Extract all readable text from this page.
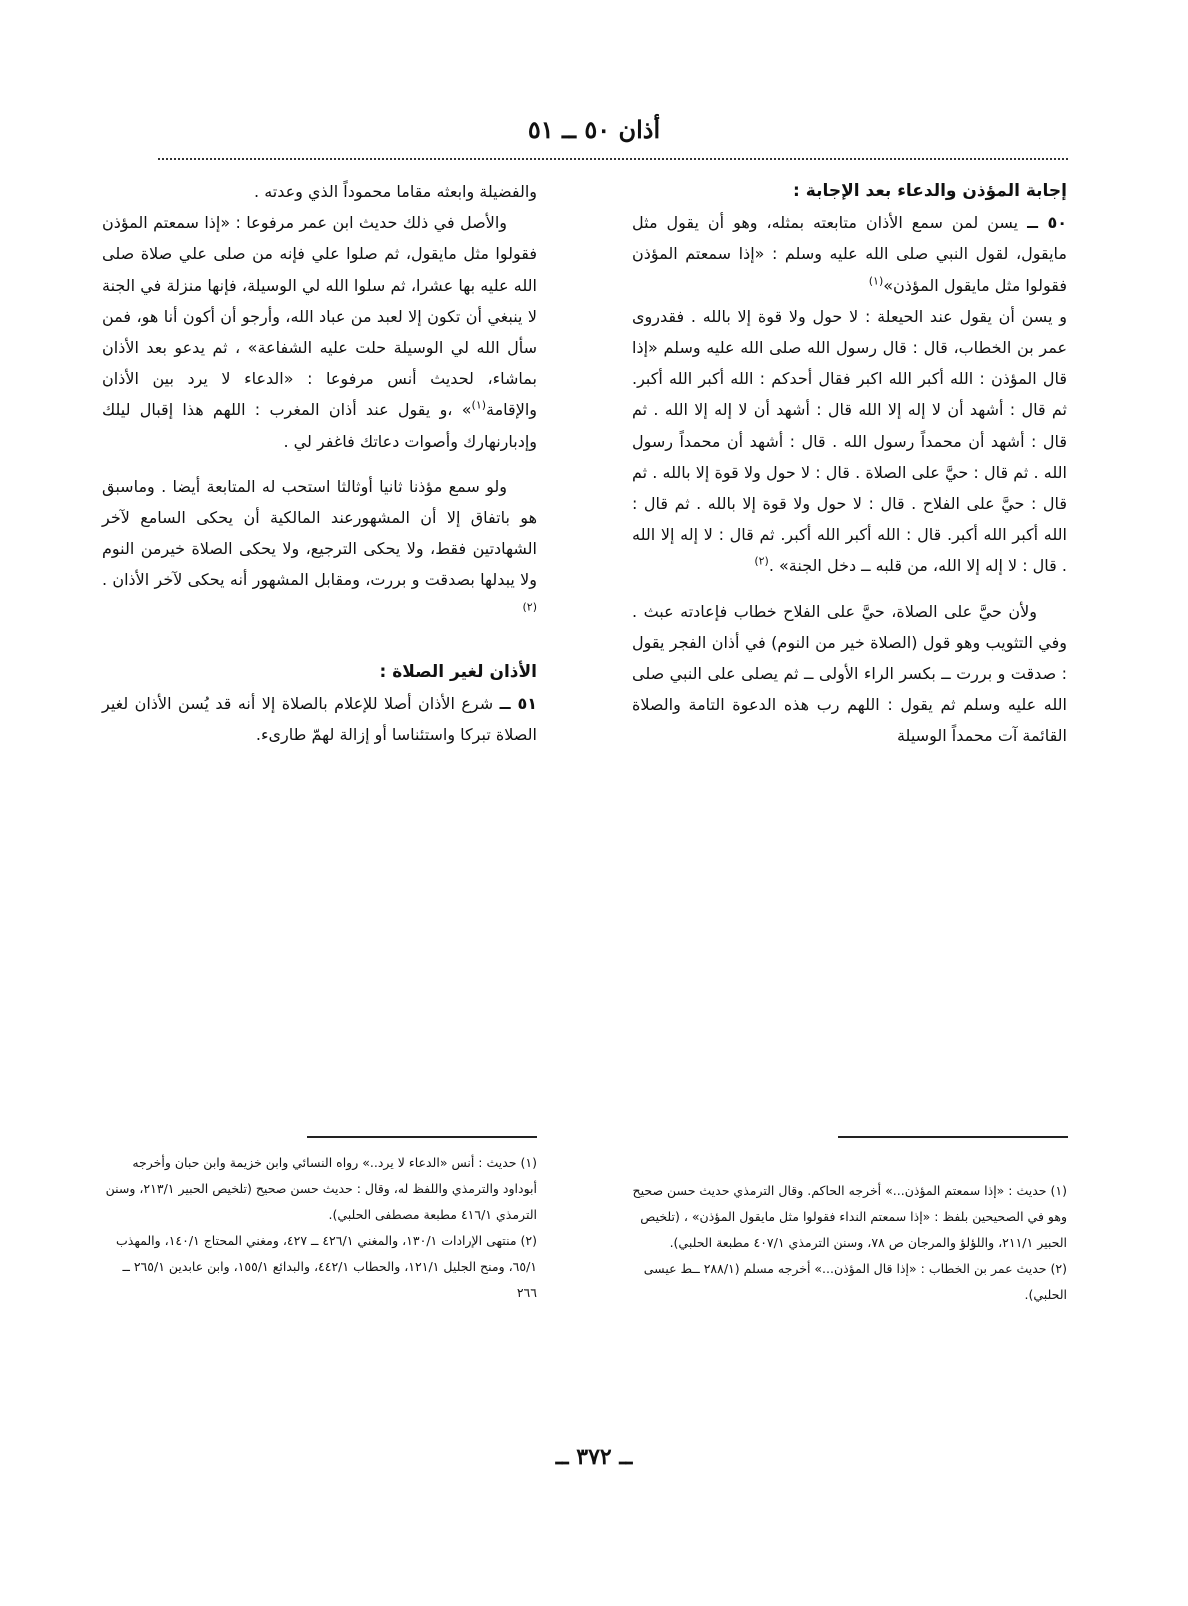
أذان ٥٠ ــ ٥١

إجابة المؤذن والدعاء بعد الإجابة :

٥٠ ــ يسن لمن سمع الأذان متابعته بمثله، وهو أن يقول مثل مايقول، لقول النبي صلى الله عليه وسلم : «إذا سمعتم المؤذن فقولوا مثل مايقول المؤذن»$^{(١)}$

و يسن أن يقول عند الحيعلة : لا حول ولا قوة إلا بالله . فقدروى عمر بن الخطاب، قال : قال رسول الله صلى الله عليه وسلم «إذا قال المؤذن : الله أكبر الله اكبر فقال أحدكم : الله أكبر الله أكبر. ثم قال : أشهد أن لا إله إلا الله قال : أشهد أن لا إله إلا الله . ثم قال : أشهد أن محمداً رسول الله . قال : أشهد أن محمداً رسول الله . ثم قال : حيَّ على الصلاة . قال : لا حول ولا قوة إلا بالله . ثم قال : حيَّ على الفلاح . قال : لا حول ولا قوة إلا بالله . ثم قال : الله أكبر الله أكبر. قال : الله أكبر الله أكبر. ثم قال : لا إله إلا الله . قال : لا إله إلا الله، من قلبه ــ دخل الجنة» .$^{(٢)}$

ولأن حيَّ على الصلاة، حيَّ على الفلاح خطاب فإعادته عبث . وفي التثويب وهو قول (الصلاة خير من النوم) في أذان الفجر يقول : صدقت و بررت ــ بكسر الراء الأولى ــ ثم يصلى على النبي صلى الله عليه وسلم ثم يقول : اللهم رب هذه الدعوة التامة والصلاة القائمة آت محمداً الوسيلة

والفضيلة وابعثه مقاما محموداً الذي وعدته .

والأصل في ذلك حديث ابن عمر مرفوعا : «إذا سمعتم المؤذن فقولوا مثل مايقول، ثم صلوا علي فإنه من صلى علي صلاة صلى الله عليه بها عشرا، ثم سلوا الله لي الوسيلة، فإنها منزلة في الجنة لا ينبغي أن تكون إلا لعبد من عباد الله، وأرجو أن أكون أنا هو، فمن سأل الله لي الوسيلة حلت عليه الشفاعة» ، ثم يدعو بعد الأذان بماشاء، لحديث أنس مرفوعا : «الدعاء لا يرد بين الأذان والإقامة$^{(١)}$» ،و يقول عند أذان المغرب : اللهم هذا إقبال ليلك وإدبارنهارك وأصوات دعاتك فاغفر لي .

ولو سمع مؤذنا ثانيا أوثالثا استحب له المتابعة أيضا . وماسبق هو باتفاق إلا أن المشهورعند المالكية أن يحكى السامع لآخر الشهادتين فقط، ولا يحكى الترجيع، ولا يحكى الصلاة خيرمن النوم ولا يبدلها بصدقت و بررت، ومقابل المشهور أنه يحكى لآخر الأذان .$^{(٢)}$

الأذان لغير الصلاة :

٥١ ــ شرع الأذان أصلا للإعلام بالصلاة إلا أنه قد يُسن الأذان لغير الصلاة تبركا واستئناسا أو إزالة لهمّ طارىء.

(١) حديث : «إذا سمعتم المؤذن...» أخرجه الحاكم. وقال الترمذي حديث حسن صحيح وهو في الصحيحين بلفظ : «إذا سمعتم النداء فقولوا مثل مايقول المؤذن» ، (تلخيص الحبير ٢١١/١، واللؤلؤ والمرجان ص ٧٨، وسنن الترمذي ٤٠٧/١ مطبعة الحلبي).

(٢) حديث عمر بن الخطاب : «إذا قال المؤذن...» أخرجه مسلم (٢٨٨/١ ــط عيسى الحلبي).

(١) حديث : أنس «الدعاء لا يرد..» رواه النسائي وابن خزيمة وابن حبان وأخرجه أبوداود والترمذي واللفظ له، وقال : حديث حسن صحيح (تلخيص الحبير ٢١٣/١، وسنن الترمذي ٤١٦/١ مطبعة مصطفى الحلبي).

(٢) منتهى الإرادات ١٣٠/١، والمغني ٤٢٦/١ ــ ٤٢٧، ومغني المحتاج ١٤٠/١، والمهذب ٦٥/١، ومنح الجليل ١٢١/١، والحطاب ٤٤٢/١، والبدائع ١٥٥/١، وابن عابدين ٢٦٥/١ ــ ٢٦٦

ــ ٣٧٢ ــ
